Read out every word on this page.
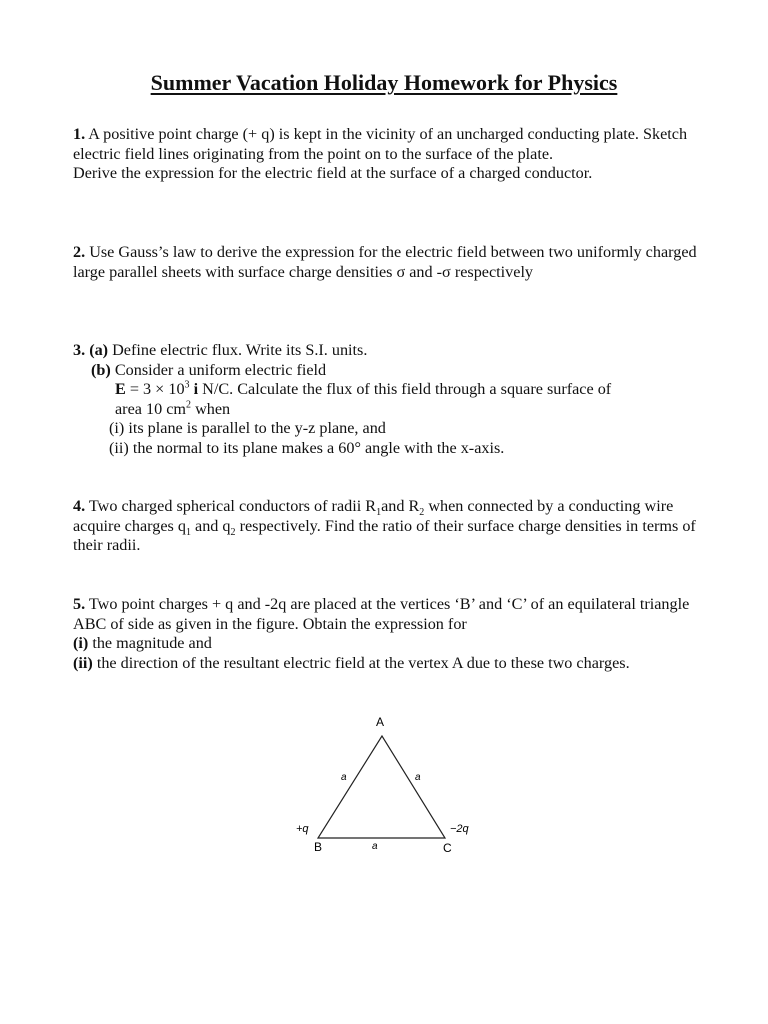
Summer Vacation Holiday Homework for Physics

1. A positive point charge (+ q) is kept in the vicinity of an uncharged conducting plate. Sketch electric field lines originating from the point on to the surface of the plate.

Derive the expression for the electric field at the surface of a charged conductor.

2. Use Gauss’s law to derive the expression for the electric field between two uniformly charged large parallel sheets with surface charge densities σ and -σ respectively

3. (a) Define electric flux. Write its S.I. units.

(b) Consider a uniform electric field

$E = 3 \times 10^3$ i N/C. Calculate the flux of this field through a square surface of

area 10 $cm^2$ when

(i) its plane is parallel to the y-z plane, and

(ii) the normal to its plane makes a 60° angle with the x-axis.

4. Two charged spherical conductors of radii $R_1and$ $R_2$ when connected by a conducting wire acquire charges $q_1$ and $q_2$ respectively. Find the ratio of their surface charge densities in terms of their radii.

5. Two point charges + q and -2q are placed at the vertices ‘B’ and ‘C’ of an equilateral triangle ABC of side as given in the figure. Obtain the expression for

(i) the magnitude and

(ii) the direction of the resultant electric field at the vertex A due to these two charges.

A
B	C
+q	−2q
a	a
a
